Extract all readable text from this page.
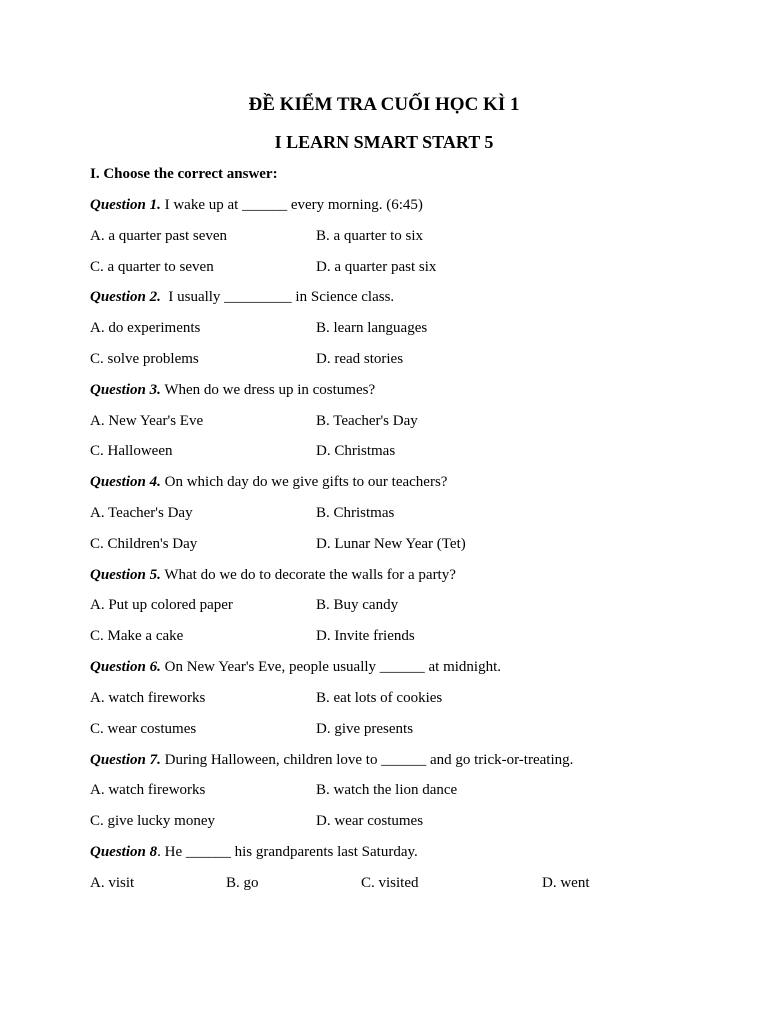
ĐỀ KIỂM TRA CUỐI HỌC KÌ 1
I LEARN SMART START 5
I. Choose the correct answer:
Question 1. I wake up at ______ every morning. (6:45)
A. a quarter past seven	B. a quarter to six
C. a quarter to seven	D. a quarter past six
Question 2.  I usually _________ in Science class.
A. do experiments	B. learn languages
C. solve problems	D. read stories
Question 3. When do we dress up in costumes?
A. New Year's Eve	B. Teacher's Day
C. Halloween	D. Christmas
Question 4. On which day do we give gifts to our teachers?
A. Teacher's Day	B. Christmas
C. Children's Day	D. Lunar New Year (Tet)
Question 5. What do we do to decorate the walls for a party?
A. Put up colored paper	B. Buy candy
C. Make a cake	D. Invite friends
Question 6. On New Year's Eve, people usually ______ at midnight.
A. watch fireworks	B. eat lots of cookies
C. wear costumes	D. give presents
Question 7. During Halloween, children love to ______ and go trick-or-treating.
A. watch fireworks	B. watch the lion dance
C. give lucky money	D. wear costumes
Question 8. He ______ his grandparents last Saturday.
A. visit	B. go	C. visited	D. went
